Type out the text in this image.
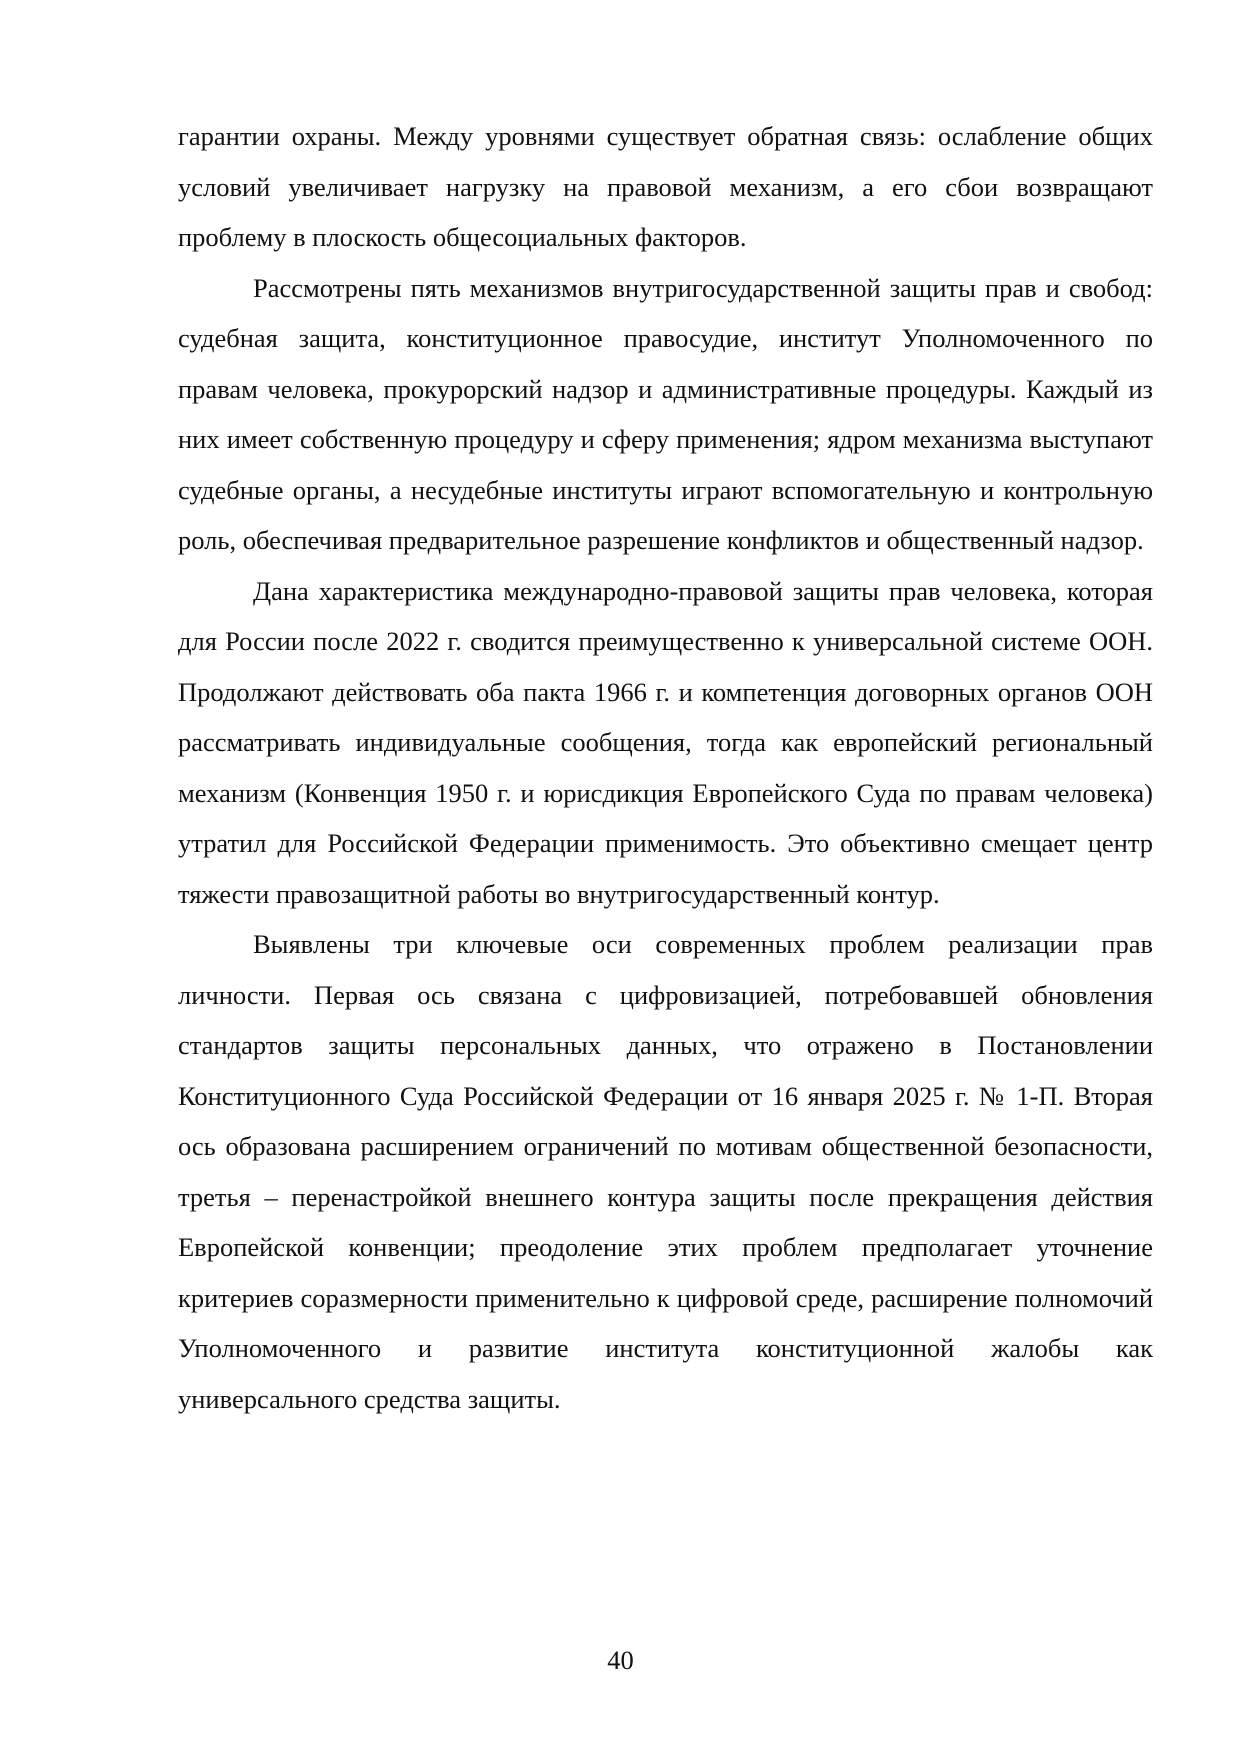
гарантии охраны. Между уровнями существует обратная связь: ослабление общих условий увеличивает нагрузку на правовой механизм, а его сбои возвращают проблему в плоскость общесоциальных факторов.

Рассмотрены пять механизмов внутригосударственной защиты прав и свобод: судебная защита, конституционное правосудие, институт Уполномоченного по правам человека, прокурорский надзор и административные процедуры. Каждый из них имеет собственную процедуру и сферу применения; ядром механизма выступают судебные органы, а несудебные институты играют вспомогательную и контрольную роль, обеспечивая предварительное разрешение конфликтов и общественный надзор.

Дана характеристика международно-правовой защиты прав человека, которая для России после 2022 г. сводится преимущественно к универсальной системе ООН. Продолжают действовать оба пакта 1966 г. и компетенция договорных органов ООН рассматривать индивидуальные сообщения, тогда как европейский региональный механизм (Конвенция 1950 г. и юрисдикция Европейского Суда по правам человека) утратил для Российской Федерации применимость. Это объективно смещает центр тяжести правозащитной работы во внутригосударственный контур.

Выявлены три ключевые оси современных проблем реализации прав личности. Первая ось связана с цифровизацией, потребовавшей обновления стандартов защиты персональных данных, что отражено в Постановлении Конституционного Суда Российской Федерации от 16 января 2025 г. № 1-П. Вторая ось образована расширением ограничений по мотивам общественной безопасности, третья – перенастройкой внешнего контура защиты после прекращения действия Европейской конвенции; преодоление этих проблем предполагает уточнение критериев соразмерности применительно к цифровой среде, расширение полномочий Уполномоченного и развитие института конституционной жалобы как универсального средства защиты.

40
